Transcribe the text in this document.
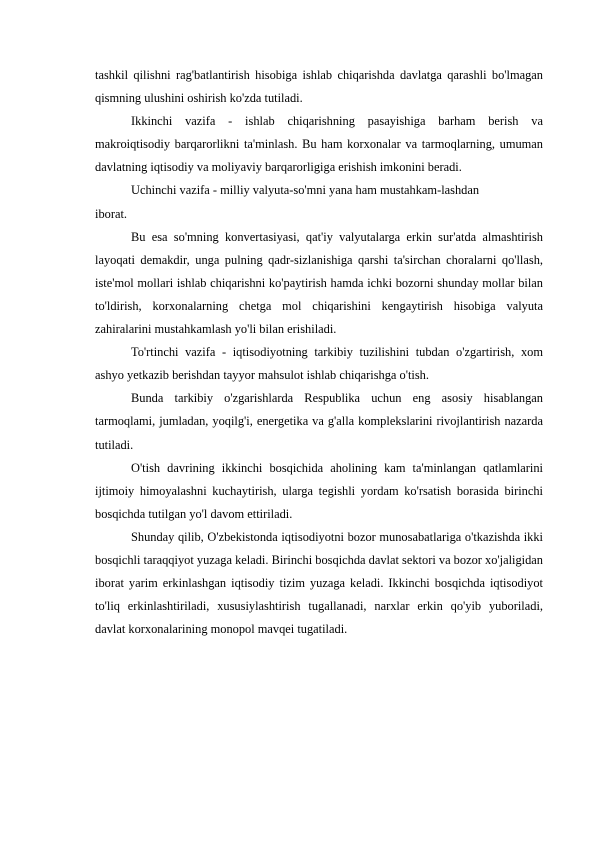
tashkil qilishni rag'batlantirish hisobiga ishlab chiqarishda davlatga qarashli bo'lmagan qismning ulushini oshirish ko'zda tutiladi.

Ikkinchi vazifa - ishlab chiqarishning pasayishiga barham berish va makroiqtisodiy barqarorlikni ta'minlash. Bu ham korxonalar va tarmoqlarning, umuman davlatning iqtisodiy va moliyaviy barqarorligiga erishish imkonini beradi.

Uchinchi vazifa - milliy valyuta-so'mni yana ham mustahkam-lashdan

iborat.

Bu esa so'mning konvertasiyasi, qat'iy valyutalarga erkin sur'atda almashtirish layoqati demakdir, unga pulning qadr-sizlanishiga qarshi ta'sirchan choralarni qo'llash, iste'mol mollari ishlab chiqarishni ko'paytirish hamda ichki bozorni shunday mollar bilan to'ldirish, korxonalarning chetga mol chiqarishini kengaytirish hisobiga valyuta zahiralarini mustahkamlash yo'li bilan erishiladi.

To'rtinchi vazifa - iqtisodiyotning tarkibiy tuzilishini tubdan o'zgartirish, xom ashyo yetkazib berishdan tayyor mahsulot ishlab chiqarishga o'tish.

Bunda tarkibiy o'zgarishlarda Respublika uchun eng asosiy hisablangan tarmoqlami, jumladan, yoqilg'i, energetika va g'alla komplekslarini rivojlantirish nazarda tutiladi.

O'tish davrining ikkinchi bosqichida aholining kam ta'minlangan qatlamlarini ijtimoiy himoyalashni kuchaytirish, ularga tegishli yordam ko'rsatish borasida birinchi bosqichda tutilgan yo'l davom ettiriladi.

Shunday qilib, O'zbekistonda iqtisodiyotni bozor munosabatlariga o'tkazishda ikki bosqichli taraqqiyot yuzaga keladi. Birinchi bosqichda davlat sektori va bozor xo'jaligidan iborat yarim erkinlashgan iqtisodiy tizim yuzaga keladi. Ikkinchi bosqichda iqtisodiyot to'liq erkinlashtiriladi, xususiylashtirish tugallanadi, narxlar erkin qo'yib yuboriladi, davlat korxonalarining monopol mavqei tugatiladi.
